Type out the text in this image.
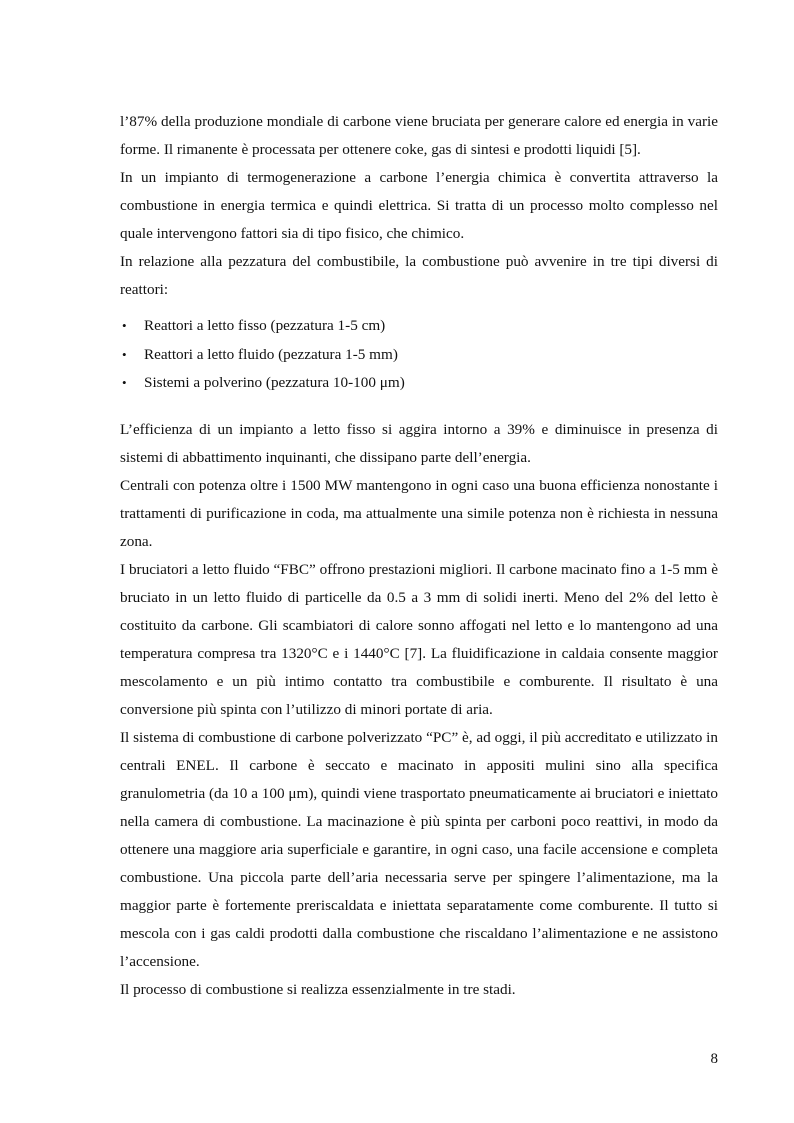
l’87% della produzione mondiale di carbone viene bruciata per generare calore ed energia in varie forme. Il rimanente è processata per ottenere coke, gas di sintesi e prodotti liquidi [5].

In un impianto di termogenerazione a carbone l’energia chimica è convertita attraverso la combustione in energia termica e quindi elettrica. Si tratta di un processo molto complesso nel quale intervengono fattori sia di tipo fisico, che chimico.

In relazione alla pezzatura del combustibile, la combustione può avvenire in tre tipi diversi di reattori:

• Reattori a letto fisso (pezzatura 1-5 cm)
• Reattori a letto fluido (pezzatura 1-5 mm)
• Sistemi a polverino (pezzatura 10-100 μm)

L’efficienza di un impianto a letto fisso si aggira intorno a 39% e diminuisce in presenza di sistemi di abbattimento inquinanti, che dissipano parte dell’energia.

Centrali con potenza oltre i 1500 MW mantengono in ogni caso una buona efficienza nonostante i trattamenti di purificazione in coda, ma attualmente una simile potenza non è richiesta in nessuna zona.

I bruciatori a letto fluido “FBC” offrono prestazioni migliori. Il carbone macinato fino a 1-5 mm è bruciato in un letto fluido di particelle da 0.5 a 3 mm di solidi inerti. Meno del 2% del letto è costituito da carbone. Gli scambiatori di calore sonno affogati nel letto e lo mantengono ad una temperatura compresa tra 1320°C e i 1440°C [7]. La fluidificazione in caldaia consente maggior mescolamento e un più intimo contatto tra combustibile e comburente. Il risultato è una conversione più spinta con l’utilizzo di minori portate di aria.

Il sistema di combustione di carbone polverizzato “PC” è, ad oggi, il più accreditato e utilizzato in centrali ENEL. Il carbone è seccato e macinato in appositi mulini sino alla specifica granulometria (da 10 a 100 μm), quindi viene trasportato pneumaticamente ai bruciatori e iniettato nella camera di combustione. La macinazione è più spinta per carboni poco reattivi, in modo da ottenere una maggiore aria superficiale e garantire, in ogni caso, una facile accensione e completa combustione. Una piccola parte dell’aria necessaria serve per spingere l’alimentazione, ma la maggior parte è fortemente preriscaldata e iniettata separatamente come comburente. Il tutto si mescola con i gas caldi prodotti dalla combustione che riscaldano l’alimentazione e ne assistono l’accensione.

Il processo di combustione si realizza essenzialmente in tre stadi.

8
